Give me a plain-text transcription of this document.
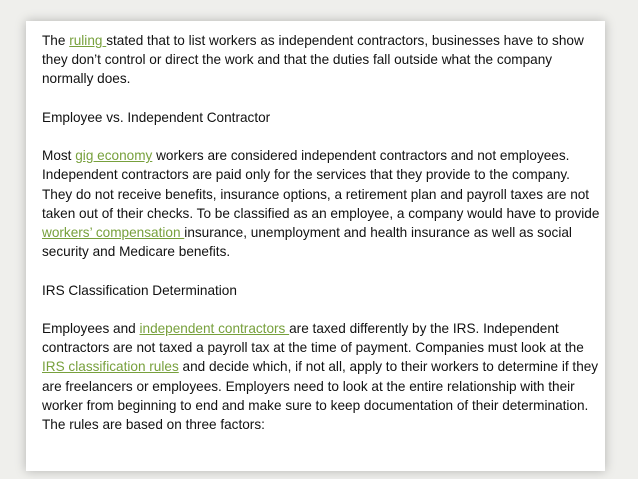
The ruling stated that to list workers as independent contractors, businesses have to show they don’t control or direct the work and that the duties fall outside what the company normally does.

Employee vs. Independent Contractor

Most gig economy workers are considered independent contractors and not employees. Independent contractors are paid only for the services that they provide to the company. They do not receive benefits, insurance options, a retirement plan and payroll taxes are not taken out of their checks. To be classified as an employee, a company would have to provide workers’ compensation insurance, unemployment and health insurance as well as social security and Medicare benefits.

IRS Classification Determination

Employees and independent contractors are taxed differently by the IRS. Independent contractors are not taxed a payroll tax at the time of payment. Companies must look at the IRS classification rules and decide which, if not all, apply to their workers to determine if they are freelancers or employees. Employers need to look at the entire relationship with their worker from beginning to end and make sure to keep documentation of their determination. The rules are based on three factors:
